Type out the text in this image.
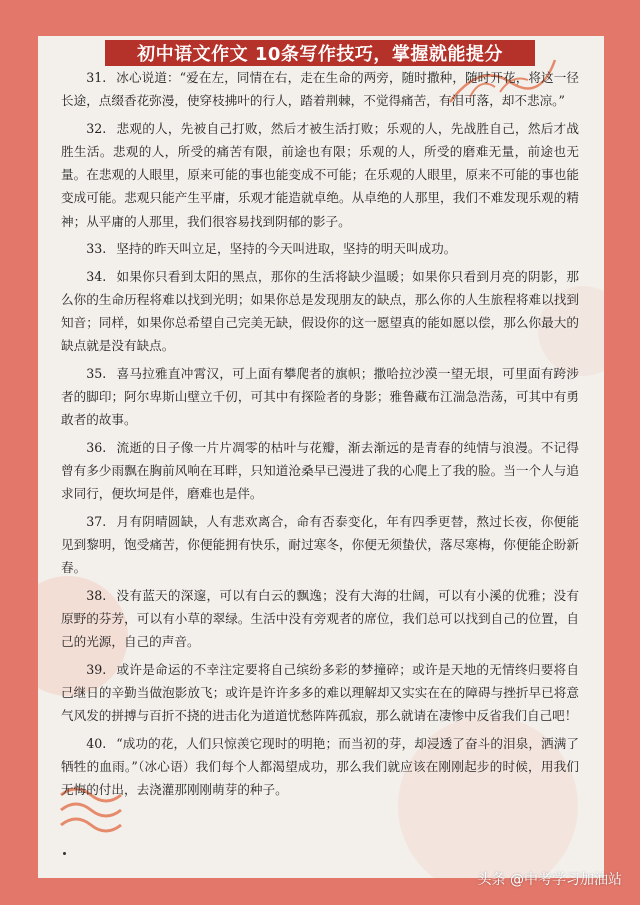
初中语文作文 10条写作技巧，掌握就能提分

31. 冰心说道：“爱在左，同情在右，走在生命的两旁，随时撒种，随时开花，将这一径长途，点缀香花弥漫，使穿枝拂叶的行人，踏着荆棘，不觉得痛苦，有泪可落，却不悲凉。”

32. 悲观的人，先被自己打败，然后才被生活打败；乐观的人，先战胜自己，然后才战胜生活。悲观的人，所受的痛苦有限，前途也有限；乐观的人，所受的磨难无量，前途也无量。在悲观的人眼里，原来可能的事也能变成不可能；在乐观的人眼里，原来不可能的事也能变成可能。悲观只能产生平庸，乐观才能造就卓绝。从卓绝的人那里，我们不难发现乐观的精神；从平庸的人那里，我们很容易找到阴郁的影子。

33. 坚持的昨天叫立足，坚持的今天叫进取，坚持的明天叫成功。

34. 如果你只看到太阳的黑点，那你的生活将缺少温暖；如果你只看到月亮的阴影，那么你的生命历程将难以找到光明；如果你总是发现朋友的缺点，那么你的人生旅程将难以找到知音；同样，如果你总希望自己完美无缺，假设你的这一愿望真的能如愿以偿，那么你最大的缺点就是没有缺点。

35. 喜马拉雅直冲霄汉，可上面有攀爬者的旗帜；撒哈拉沙漠一望无垠，可里面有跨涉者的脚印；阿尔卑斯山壁立千仞，可其中有探险者的身影；雅鲁藏布江湍急浩荡，可其中有勇敢者的故事。

36. 流逝的日子像一片片凋零的枯叶与花瓣，渐去渐远的是青春的纯情与浪漫。不记得曾有多少雨飘在胸前风响在耳畔，只知道沧桑早已漫进了我的心爬上了我的脸。当一个人与追求同行，便坎坷是伴，磨难也是伴。

37. 月有阴晴圆缺，人有悲欢离合，命有否泰变化，年有四季更替，熬过长夜，你便能见到黎明，饱受痛苦，你便能拥有快乐，耐过寒冬，你便无须蛰伏，落尽寒梅，你便能企盼新春。

38. 没有蓝天的深邃，可以有白云的飘逸；没有大海的壮阔，可以有小溪的优雅；没有原野的芬芳，可以有小草的翠绿。生活中没有旁观者的席位，我们总可以找到自己的位置，自己的光源，自己的声音。

39. 或许是命运的不幸注定要将自己缤纷多彩的梦撞碎；或许是天地的无情终归要将自己继日的辛勤当做泡影放飞；或许是许许多多的难以理解却又实实在在的障碍与挫折早已将意气风发的拼搏与百折不挠的进击化为道道忧愁阵阵孤寂，那么就请在凄惨中反省我们自己吧！

40. “成功的花，人们只惊羡它现时的明艳；而当初的芽，却浸透了奋斗的泪泉，洒满了牺牲的血雨。”（冰心语）我们每个人都渴望成功，那么我们就应该在刚刚起步的时候，用我们无悔的付出，去浇灌那刚刚萌芽的种子。

头条 @中考学习加油站
